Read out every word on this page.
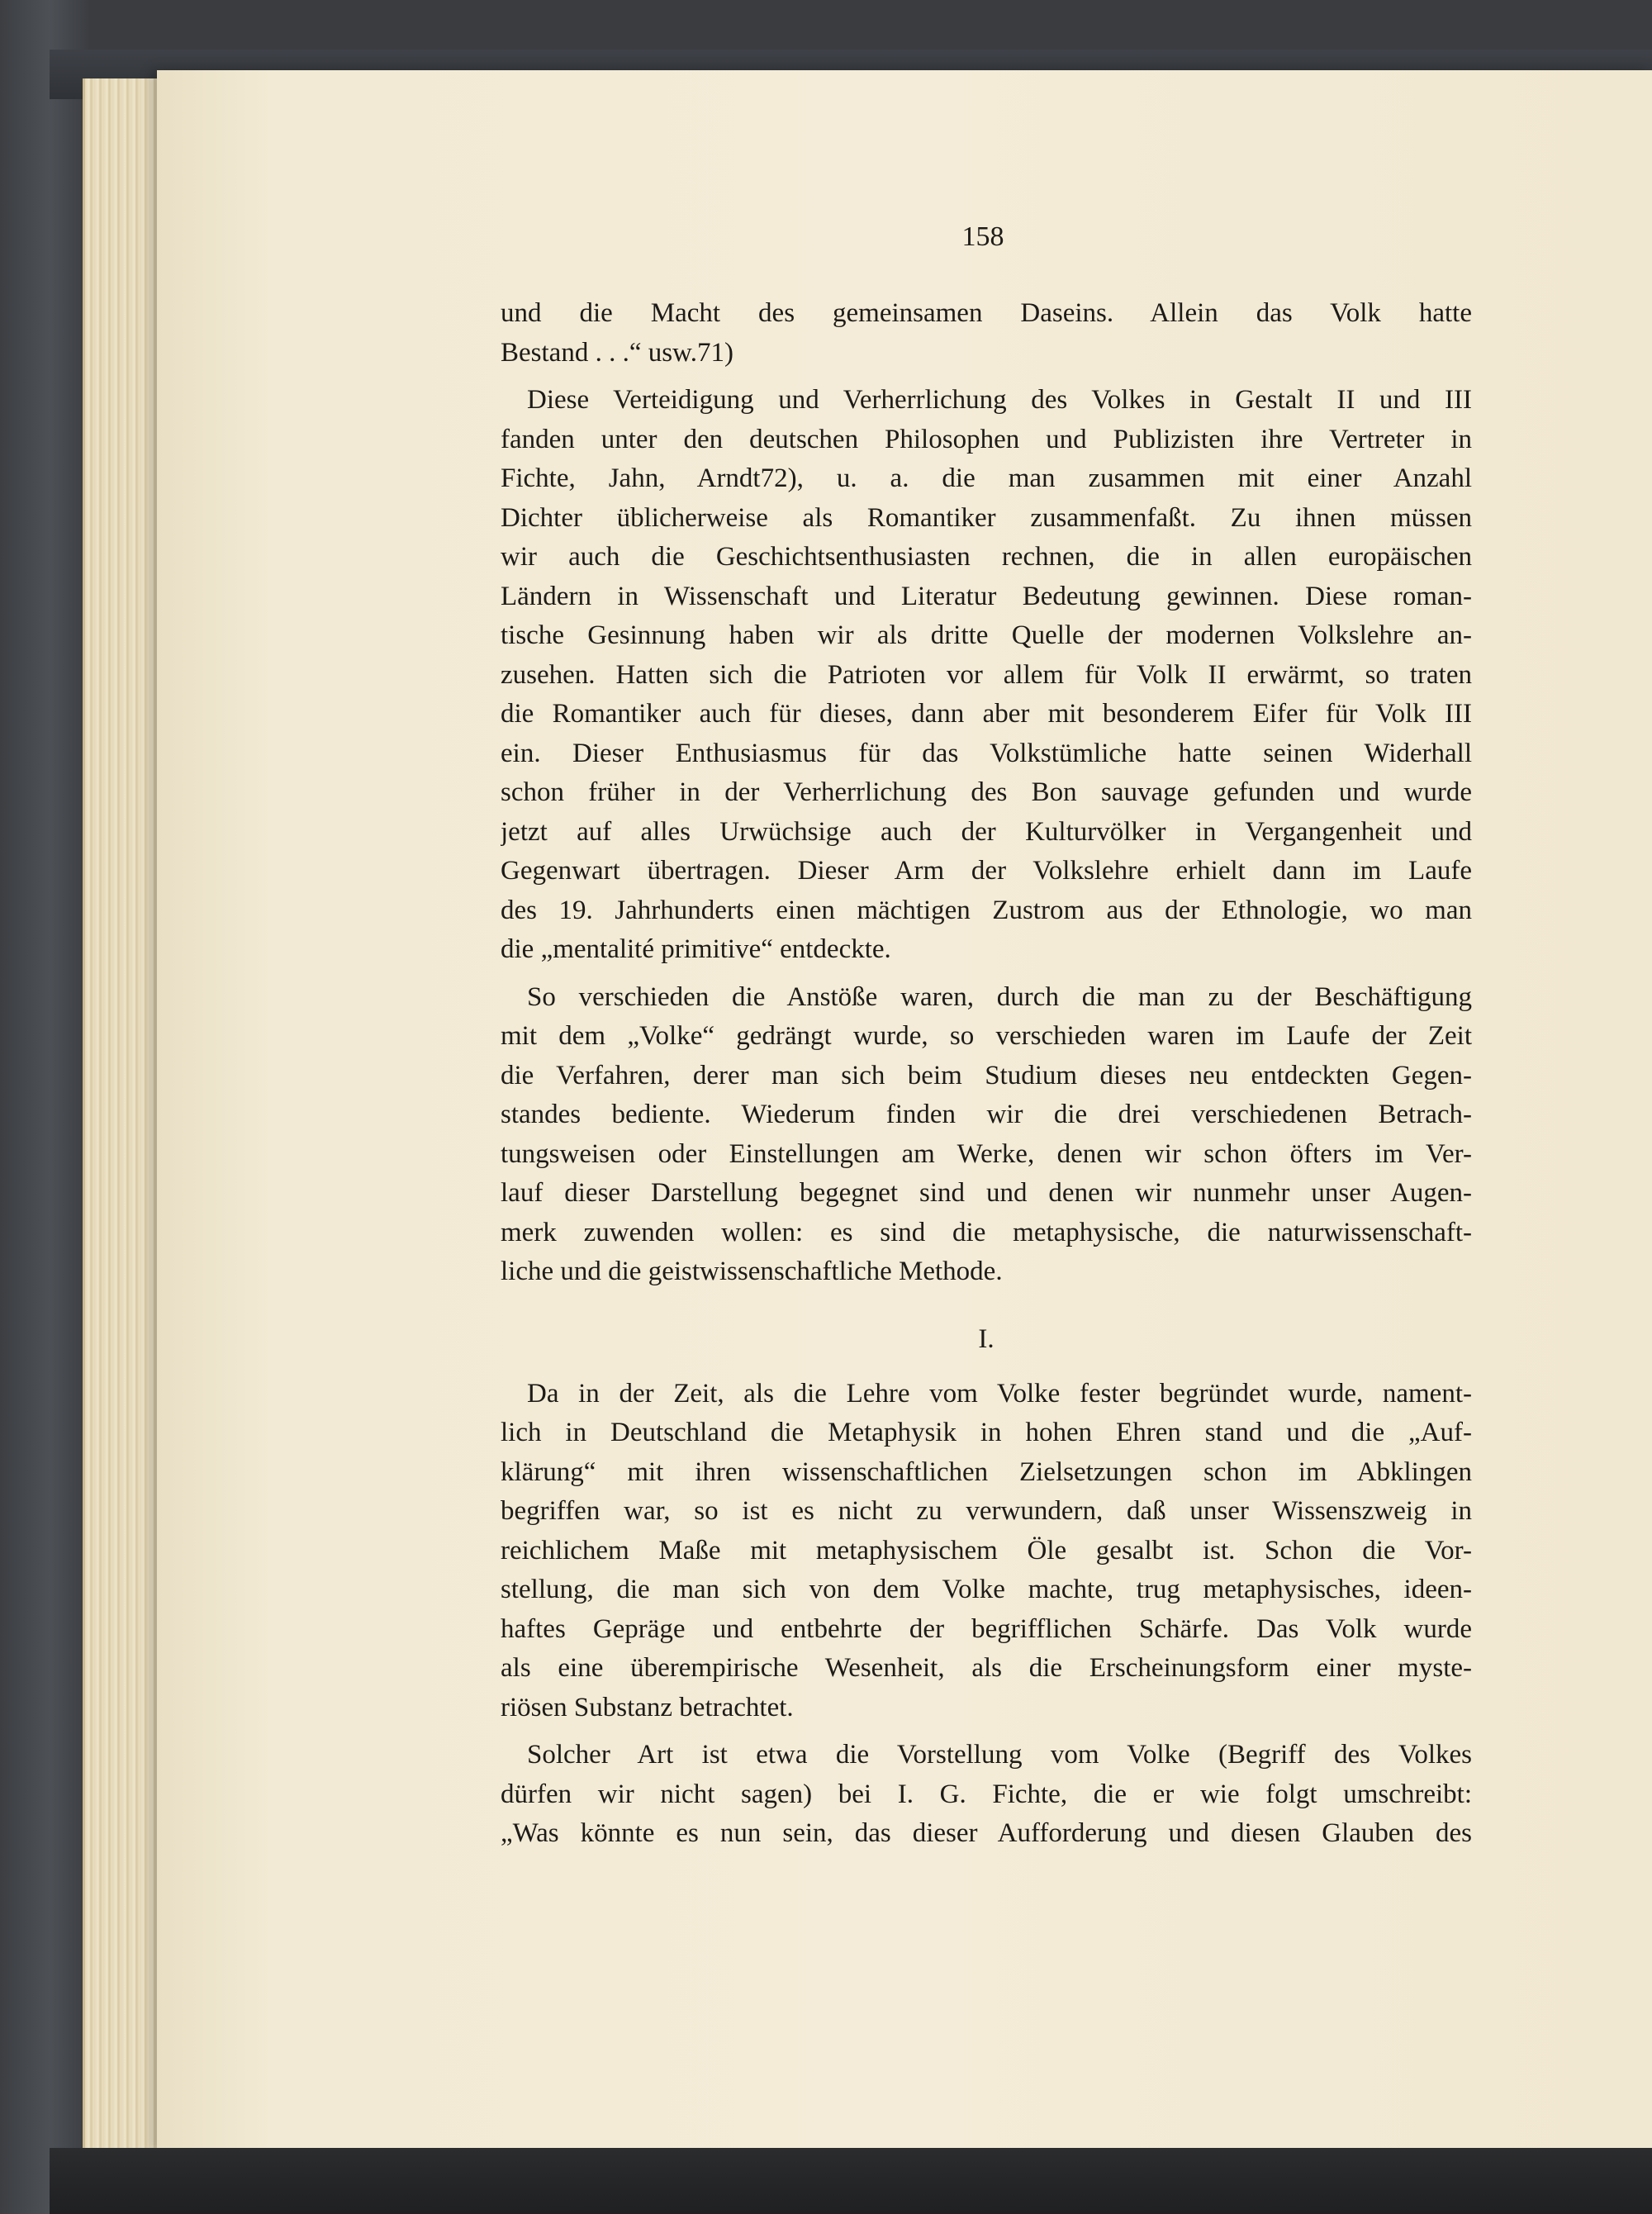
158
und die Macht des gemeinsamen Daseins. Allein das Volk hatte
Bestand . . .“ usw.71)
Diese Verteidigung und Verherrlichung des Volkes in Gestalt II und III
fanden unter den deutschen Philosophen und Publizisten ihre Vertreter in
Fichte, Jahn, Arndt72), u. a. die man zusammen mit einer Anzahl
Dichter üblicherweise als Romantiker zusammenfaßt. Zu ihnen müssen
wir auch die Geschichtsenthusiasten rechnen, die in allen europäischen
Ländern in Wissenschaft und Literatur Bedeutung gewinnen. Diese roman-
tische Gesinnung haben wir als dritte Quelle der modernen Volkslehre an-
zusehen. Hatten sich die Patrioten vor allem für Volk II erwärmt, so traten
die Romantiker auch für dieses, dann aber mit besonderem Eifer für Volk III
ein. Dieser Enthusiasmus für das Volkstümliche hatte seinen Widerhall
schon früher in der Verherrlichung des Bon sauvage gefunden und wurde
jetzt auf alles Urwüchsige auch der Kulturvölker in Vergangenheit und
Gegenwart übertragen. Dieser Arm der Volkslehre erhielt dann im Laufe
des 19. Jahrhunderts einen mächtigen Zustrom aus der Ethnologie, wo man
die „mentalité primitive“ entdeckte.
So verschieden die Anstöße waren, durch die man zu der Beschäftigung
mit dem „Volke“ gedrängt wurde, so verschieden waren im Laufe der Zeit
die Verfahren, derer man sich beim Studium dieses neu entdeckten Gegen-
standes bediente. Wiederum finden wir die drei verschiedenen Betrach-
tungsweisen oder Einstellungen am Werke, denen wir schon öfters im Ver-
lauf dieser Darstellung begegnet sind und denen wir nunmehr unser Augen-
merk zuwenden wollen: es sind die metaphysische, die naturwissenschaft-
liche und die geistwissenschaftliche Methode.
I.
Da in der Zeit, als die Lehre vom Volke fester begründet wurde, nament-
lich in Deutschland die Metaphysik in hohen Ehren stand und die „Auf-
klärung“ mit ihren wissenschaftlichen Zielsetzungen schon im Abklingen
begriffen war, so ist es nicht zu verwundern, daß unser Wissenszweig in
reichlichem Maße mit metaphysischem Öle gesalbt ist. Schon die Vor-
stellung, die man sich von dem Volke machte, trug metaphysisches, ideen-
haftes Gepräge und entbehrte der begrifflichen Schärfe. Das Volk wurde
als eine überempirische Wesenheit, als die Erscheinungsform einer myste-
riösen Substanz betrachtet.
Solcher Art ist etwa die Vorstellung vom Volke (Begriff des Volkes
dürfen wir nicht sagen) bei I. G. Fichte, die er wie folgt umschreibt:
„Was könnte es nun sein, das dieser Aufforderung und diesen Glauben des
